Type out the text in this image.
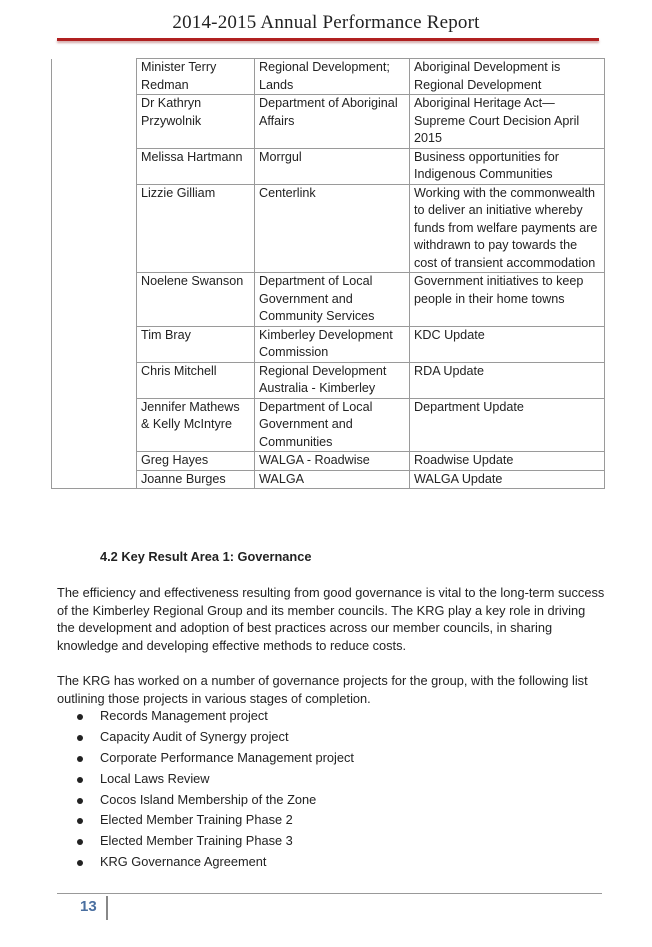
2014-2015 Annual Performance Report
	Minister Terry Redman	Regional Development; Lands	Aboriginal Development is Regional Development
	Dr Kathryn Przywolnik	Department of Aboriginal Affairs	Aboriginal Heritage Act—Supreme Court Decision April 2015
	Melissa Hartmann	Morrgul	Business opportunities for Indigenous Communities
	Lizzie Gilliam	Centerlink	Working with the commonwealth to deliver an initiative whereby funds from welfare payments are withdrawn to pay towards the cost of transient accommodation
	Noelene Swanson	Department of Local Government and Community Services	Government initiatives to keep people in their home towns
	Tim Bray	Kimberley Development Commission	KDC Update
	Chris Mitchell	Regional Development Australia - Kimberley	RDA Update
	Jennifer Mathews & Kelly McIntyre	Department of Local Government and Communities	Department Update
	Greg Hayes	WALGA - Roadwise	Roadwise Update
	Joanne Burges	WALGA	WALGA Update
4.2 Key Result Area 1: Governance

The efficiency and effectiveness resulting from good governance is vital to the long-term success of the Kimberley Regional Group and its member councils. The KRG play a key role in driving the development and adoption of best practices across our member councils, in sharing knowledge and developing effective methods to reduce costs.

The KRG has worked on a number of governance projects for the group, with the following list outlining those projects in various stages of completion.

Records Management project
Capacity Audit of Synergy project
Corporate Performance Management project
Local Laws Review
Cocos Island Membership of the Zone
Elected Member Training Phase 2
Elected Member Training Phase 3
KRG Governance Agreement
13
